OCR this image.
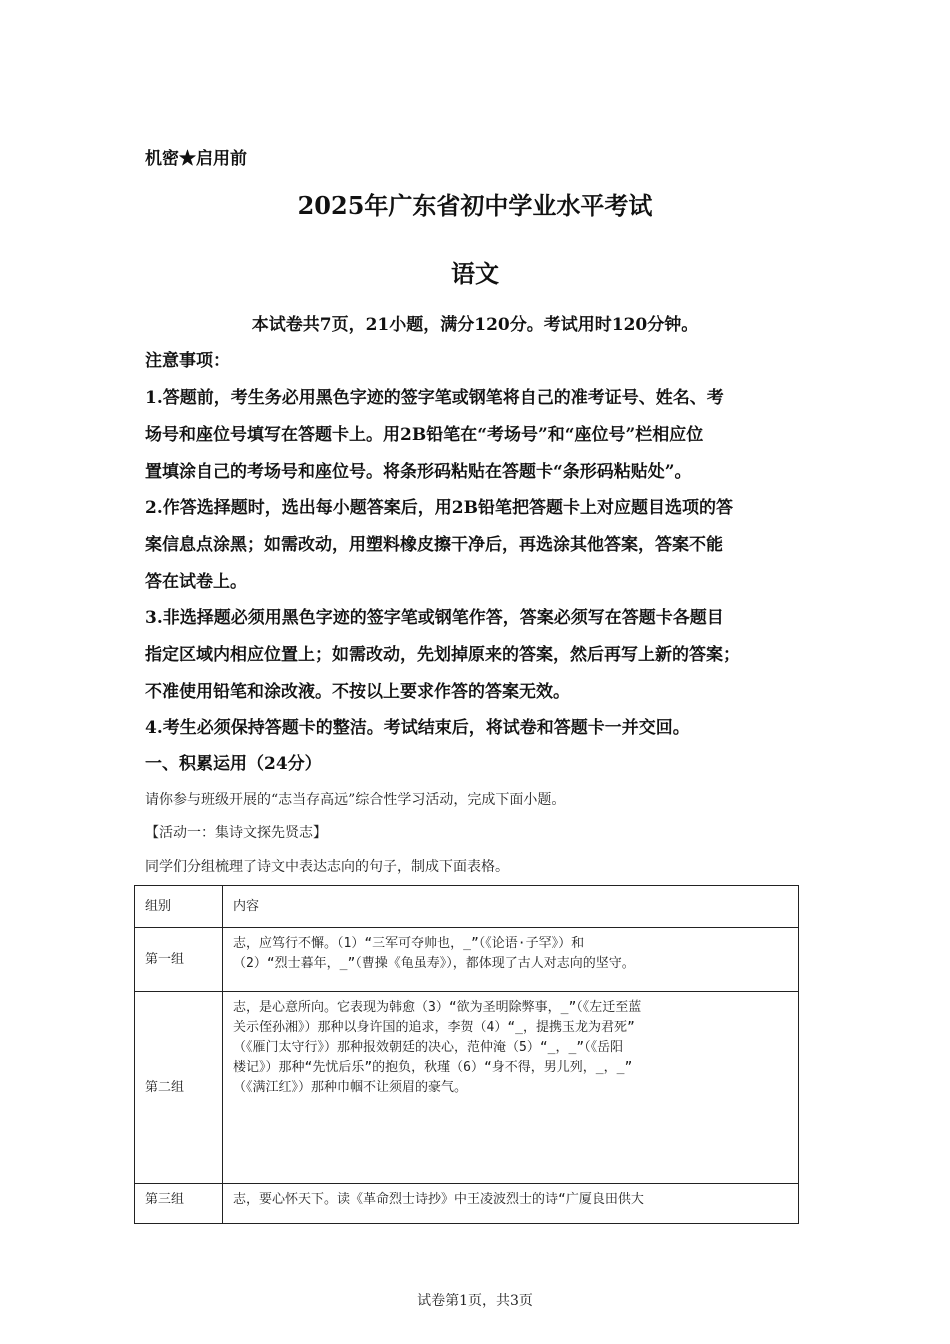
机密★启用前
2025年广东省初中学业水平考试
语文
本试卷共7页，21小题，满分120分。考试用时120分钟。
注意事项：
1.答题前，考生务必用黑色字迹的签字笔或钢笔将自己的准考证号、姓名、考
场号和座位号填写在答题卡上。用2B铅笔在“考场号”和“座位号”栏相应位
置填涂自己的考场号和座位号。将条形码粘贴在答题卡“条形码粘贴处”。
2.作答选择题时，选出每小题答案后，用2B铅笔把答题卡上对应题目选项的答
案信息点涂黑；如需改动，用塑料橡皮擦干净后，再选涂其他答案，答案不能
答在试卷上。
3.非选择题必须用黑色字迹的签字笔或钢笔作答，答案必须写在答题卡各题目
指定区域内相应位置上；如需改动，先划掉原来的答案，然后再写上新的答案；
不准使用铅笔和涂改液。不按以上要求作答的答案无效。
4.考生必须保持答题卡的整洁。考试结束后，将试卷和答题卡一并交回。
一、积累运用（24分）
请你参与班级开展的“志当存高远”综合性学习活动，完成下面小题。
【活动一：集诗文探先贤志】
同学们分组梳理了诗文中表达志向的句子，制成下面表格。
组别	内容
第一组	志，应笃行不懈。（1）“三军可夺帅也，_”（《论语·子罕》）和
（2）“烈士暮年，_”（曹操《龟虽寿》），都体现了古人对志向的坚守。

第二组	志，是心意所向。它表现为韩愈（3）“欲为圣明除弊事，_”（《左迁至蓝
关示侄孙湘》）那种以身许国的追求，李贺（4）“_，提携玉龙为君死”
（《雁门太守行》）那种报效朝廷的决心，范仲淹（5）“_，_”（《岳阳
楼记》）那种“先忧后乐”的抱负，秋瑾（6）“身不得，男儿列，_，_”
（《满江红》）那种巾帼不让须眉的豪气。

第三组	志，要心怀天下。读《革命烈士诗抄》中王凌波烈士的诗“广厦良田供大
试卷第1页，共3页
